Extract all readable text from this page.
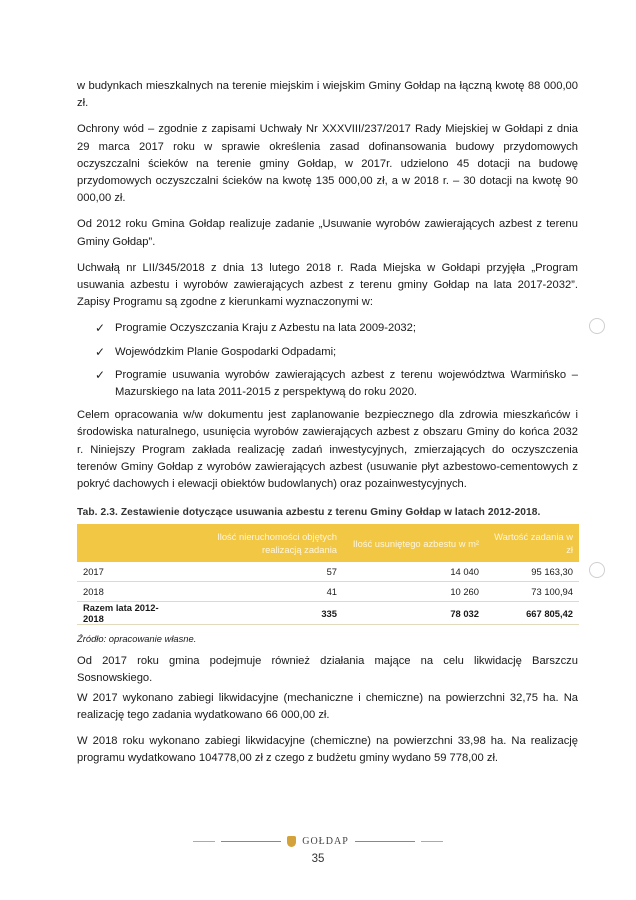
w budynkach mieszkalnych na terenie miejskim i wiejskim Gminy Gołdap na łączną kwotę 88 000,00 zł.

Ochrony wód – zgodnie z zapisami Uchwały Nr XXXVIII/237/2017 Rady Miejskiej w Gołdapi z dnia 29 marca 2017 roku w sprawie określenia zasad dofinansowania budowy przydomowych oczyszczalni ścieków na terenie gminy Gołdap, w 2017r. udzielono 45 dotacji na budowę przydomowych oczyszczalni ścieków na kwotę 135 000,00 zł, a w 2018 r. – 30 dotacji na kwotę 90 000,00 zł.

Od 2012 roku Gmina Gołdap realizuje zadanie „Usuwanie wyrobów zawierających azbest z terenu Gminy Gołdap”.

Uchwałą nr LII/345/2018 z dnia 13 lutego 2018 r. Rada Miejska w Gołdapi przyjęła „Program usuwania azbestu i wyrobów zawierających azbest z terenu gminy Gołdap na lata 2017-2032”. Zapisy Programu są zgodne z kierunkami wyznaczonymi w:

✓ Programie Oczyszczania Kraju z Azbestu na lata 2009-2032;
✓ Wojewódzkim Planie Gospodarki Odpadami;
✓ Programie usuwania wyrobów zawierających azbest z terenu województwa Warmińsko – Mazurskiego na lata 2011-2015 z perspektywą do roku 2020.

Celem opracowania w/w dokumentu jest zaplanowanie bezpiecznego dla zdrowia mieszkańców i środowiska naturalnego, usunięcia wyrobów zawierających azbest z obszaru Gminy do końca 2032 r. Niniejszy Program zakłada realizację zadań inwestycyjnych, zmierzających do oczyszczenia terenów Gminy Gołdap z wyrobów zawierających azbest (usuwanie płyt azbestowo-cementowych z pokryć dachowych i elewacji obiektów budowlanych) oraz pozainwestycyjnych.

Tab. 2.3. Zestawienie dotyczące usuwania azbestu z terenu Gminy Gołdap w latach 2012-2018.
	Ilość nieruchomości objętych realizacją zadania	Ilość usuniętego azbestu w m²	Wartość zadania w zł
2017	57	14 040	95 163,30
2018	41	10 260	73 100,94
Razem lata 2012-2018	335	78 032	667 805,42
Źródło: opracowanie własne.

Od 2017 roku gmina podejmuje również działania mające na celu likwidację Barszczu Sosnowskiego.

W 2017 wykonano zabiegi likwidacyjne (mechaniczne i chemiczne) na powierzchni 32,75 ha. Na realizację tego zadania wydatkowano 66 000,00 zł.

W 2018 roku wykonano zabiegi likwidacyjne (chemiczne) na powierzchni 33,98 ha. Na realizację programu wydatkowano 104778,00 zł z czego z budżetu gminy wydano 59 778,00 zł.

GOŁDAP
35
